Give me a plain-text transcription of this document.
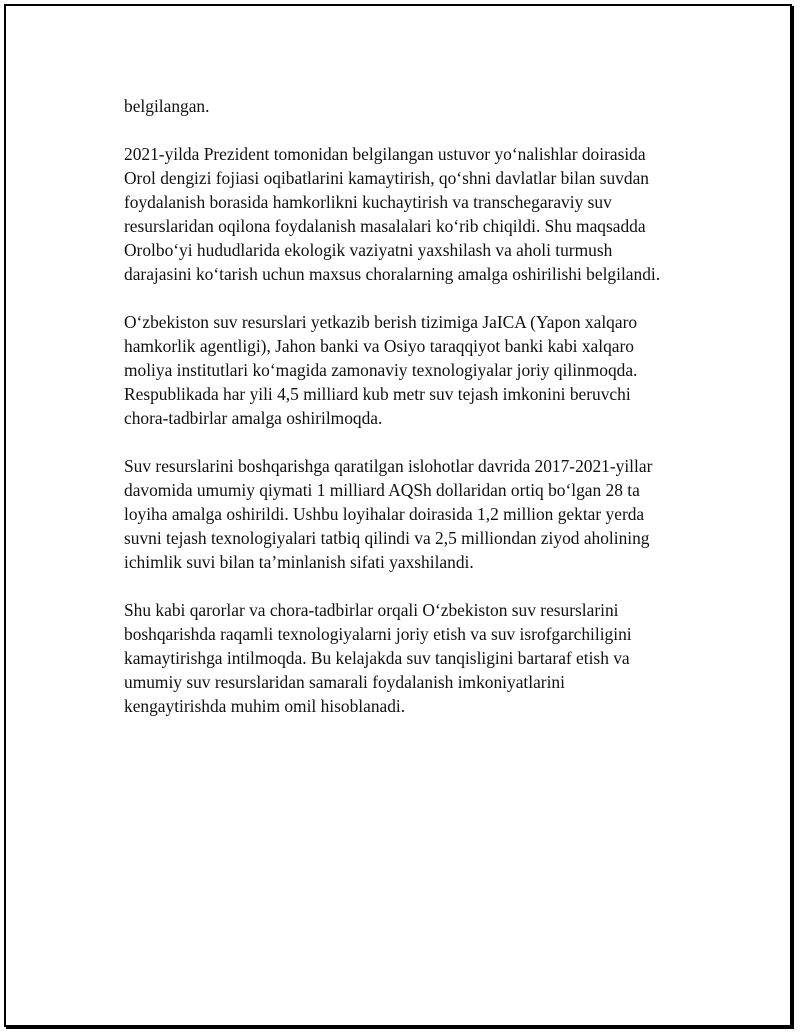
belgilangan.

2021-yilda Prezident tomonidan belgilangan ustuvor yoʻnalishlar doirasida
Orol dengizi fojiasi oqibatlarini kamaytirish, qoʻshni davlatlar bilan suvdan
foydalanish borasida hamkorlikni kuchaytirish va transchegaraviy suv
resurslaridan oqilona foydalanish masalalari koʻrib chiqildi. Shu maqsadda
Orolboʻyi hududlarida ekologik vaziyatni yaxshilash va aholi turmush
darajasini koʻtarish uchun maxsus choralarning amalga oshirilishi belgilandi.

Oʻzbekiston suv resurslari yetkazib berish tizimiga JaICA (Yapon xalqaro
hamkorlik agentligi), Jahon banki va Osiyo taraqqiyot banki kabi xalqaro
moliya institutlari koʻmagida zamonaviy texnologiyalar joriy qilinmoqda.
Respublikada har yili 4,5 milliard kub metr suv tejash imkonini beruvchi
chora-tadbirlar amalga oshirilmoqda.

Suv resurslarini boshqarishga qaratilgan islohotlar davrida 2017-2021-yillar
davomida umumiy qiymati 1 milliard AQSh dollaridan ortiq boʻlgan 28 ta
loyiha amalga oshirildi. Ushbu loyihalar doirasida 1,2 million gektar yerda
suvni tejash texnologiyalari tatbiq qilindi va 2,5 milliondan ziyod aholining
ichimlik suvi bilan taʼminlanish sifati yaxshilandi.

Shu kabi qarorlar va chora-tadbirlar orqali Oʻzbekiston suv resurslarini
boshqarishda raqamli texnologiyalarni joriy etish va suv isrofgarchiligini
kamaytirishga intilmoqda. Bu kelajakda suv tanqisligini bartaraf etish va
umumiy suv resurslaridan samarali foydalanish imkoniyatlarini
kengaytirishda muhim omil hisoblanadi.
